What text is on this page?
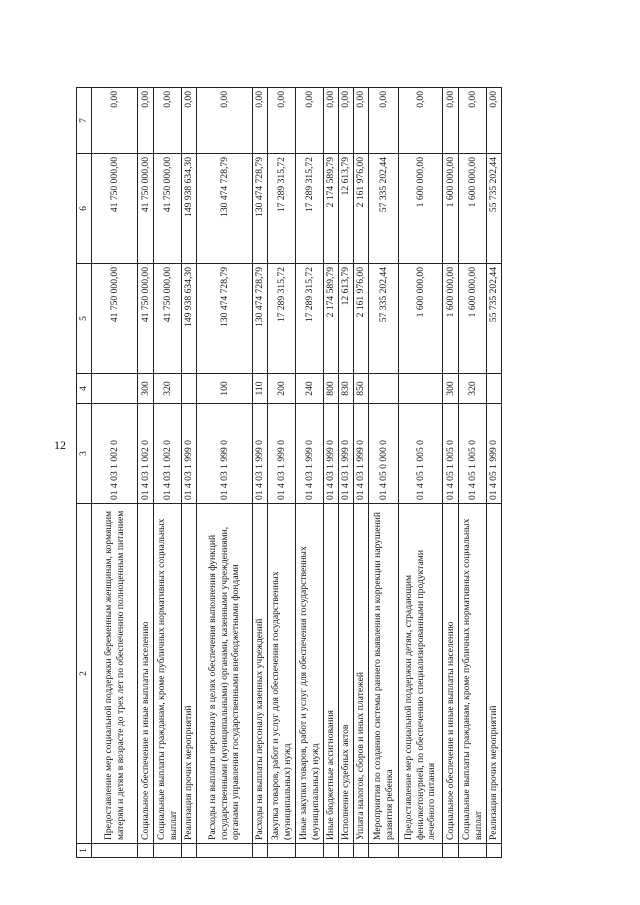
12
1	2	3	4	5	6	7
	Предоставление мер социальной поддержки беременным женщинам, кормящим матерям и детям в возрасте до трех лет по обеспечению полноценным питанием	01 4 03 1 002 0		41 750 000,00	41 750 000,00	0,00
	Социальное обеспечение и иные выплаты населению	01 4 03 1 002 0	300	41 750 000,00	41 750 000,00	0,00
	Социальные выплаты гражданам, кроме публичных нормативных социальных выплат	01 4 03 1 002 0	320	41 750 000,00	41 750 000,00	0,00
	Реализация прочих мероприятий	01 4 03 1 999 0		149 938 634,30	149 938 634,30	0,00
	Расходы на выплаты персоналу в целях обеспечения выполнения функций государственными (муниципальными) органами, казенными учреждениями, органами управления государственными внебюджетными фондами	01 4 03 1 999 0	100	130 474 728,79	130 474 728,79	0,00
	Расходы на выплаты персоналу казенных учреждений	01 4 03 1 999 0	110	130 474 728,79	130 474 728,79	0,00
	Закупка товаров, работ и услуг для обеспечения государственных (муниципальных) нужд	01 4 03 1 999 0	200	17 289 315,72	17 289 315,72	0,00
	Иные закупки товаров, работ и услуг для обеспечения государственных (муниципальных) нужд	01 4 03 1 999 0	240	17 289 315,72	17 289 315,72	0,00
	Иные бюджетные ассигнования	01 4 03 1 999 0	800	2 174 589,79	2 174 589,79	0,00
	Исполнение судебных актов	01 4 03 1 999 0	830	12 613,79	12 613,79	0,00
	Уплата налогов, сборов и иных платежей	01 4 03 1 999 0	850	2 161 976,00	2 161 976,00	0,00
	Мероприятия по созданию системы раннего выявления и коррекции нарушений развития ребенка	01 4 05 0 000 0		57 335 202,44	57 335 202,44	0,00
	Предоставление мер социальной поддержки детям, страдающим фенилкетонурией, по обеспечению специализированными продуктами лечебного питания	01 4 05 1 005 0		1 600 000,00	1 600 000,00	0,00
	Социальное обеспечение и иные выплаты населению	01 4 05 1 005 0	300	1 600 000,00	1 600 000,00	0,00
	Социальные выплаты гражданам, кроме публичных нормативных социальных выплат	01 4 05 1 005 0	320	1 600 000,00	1 600 000,00	0,00
	Реализация прочих мероприятий	01 4 05 1 999 0		55 735 202,44	55 735 202,44	0,00
